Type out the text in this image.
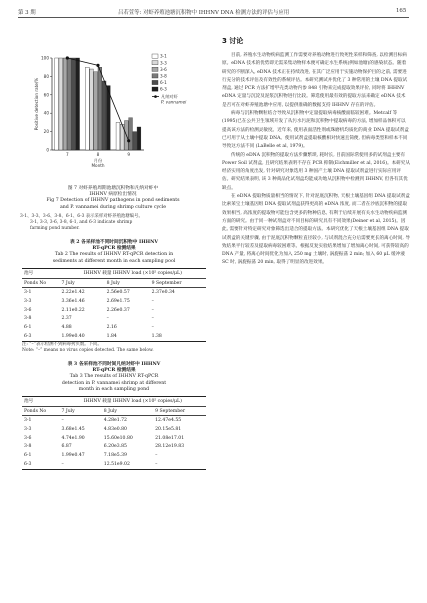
第 3 期	吕若萱等: 对虾养殖池塘沉积物中 IHHNV DNA 检测方法的评估与应用	165
0
20
40
60
80
100
Positive detection rate/%
7	8	9
月份
Month
3-1
3-3
3-6
3-8
6-1
6-3
凡纳对虾
P. vannamei
图 7 对虾养殖周期池塘沉积物和凡纳对虾中
IHHNV 病原检出情况
Fig 7 Detection of IHHNV pathogens in pond sediments
and P. vannamei during shrimp culture cycle
3-1、3-3、3-6、3-8、6-1、6-3 表示采样对虾养殖池塘编号。
3-1, 3-3, 3-6, 3-8, 6-1, and 6-3 indicate shrimp
farming pond number.
表 2 各采样池不同时间沉积物中 IHHNV
RT-qPCR 检测结果
Tab 2 The results of IHHNV RT-qPCR detection in
sediments at different month in each sampling pool
池号	IHHNV 载量 IHHNV load (×10⁵ copies/μL)		
Ponds No	7 July	8 July	9 September
3-1	2.22e1.42	2.56e0.57	2.37e0.34
3-3	3.36e1.46	2.69e1.75	–
3-6	2.11e0.22	2.26e0.37	–
3-8	2.37	–	–
6-1	4.88	2.16	–
6-3	1.99e0.40	1.84	1.38
注: “–”表示检测不到病毒拷贝数。下同。
Note: “–” means no virus copies detected. The same below.
表 3 各采样池不同时间凡纳对虾中 IHHNV
RT-qPCR 检测结果
Tab 3 The results of IHHNV RT-qPCR
detection in P. vannamei shrimp at different
month in each sampling pond
池号	IHHNV 载量 IHHNV load (×10⁵ copies/μL)		
Ponds No	7 July	8 July	9 September
3-1	–	4.28e1.72	12.47e4.55
3-3	3.68e1.45	4.83e0.80	20.15e5.81
3-6	4.74e1.90	15.60e10.80	21.08e17.01
3-8	6.87	6.20e3.85	28.12e19.83
6-1	1.99e0.47	7.18e5.39	–
6-3	–	12.51e9.02	–
3 讨论

目前, 养殖水生动物疾病监测工作需要对养殖动物进行致死性采样和筛查, 以检测目标病原。eDNA 技术的优势即无需采集动物样本便可确定水生系统(例如池塘)的感染状态。随着研究的不断深入, eDNA 技术正在持续改进, 在其广泛应用于实施动物保护目的之前, 需要进行充分的技术评估及有效性的系统评估。本研究测试并优化了 3 种常用的土壤 DNA 提取试剂盒, 通过 PCR 方法扩增甲壳类动物内参 848 引物来完成提取效果评价, 同时将 IHHNV eDNA 定量与沉淀及泥浆沉积物进行比较。筛选使用最有效的提取方法来确定 eDNA 技术是否可在对虾养殖池塘中应用, 以提供准确的数据支持 IHHNV 存在的评估。

病毒与沉积物颗粒结合导致从沉积物中定量提取病毒核酸面临较困难。Metcalf 等(1995)已在公共卫生领域开发了从污水污泥和沉积物中提取病毒的方法, 增加样品体积可以提高该方法的检测灵敏度。近年来, 使用表面活性剂或珠磨机均质化的商业 DNA 提取试剂盒已可用于从土壤中提取 DNA。使用试剂盒提取核酸相对快速且简便, 但病毒类型和样本不同导致这方法不同 (LaBelle et al, 1979)。

传统的 eDNA 沉积物的提取方法步骤繁琐, 耗时长, 目前国际常使用多的试剂盒主要有 Power Soil 试剂盒, 且研究结果表明不存在 PCR 抑制(Eichmiller et al, 2016)。本研究从经济实用的角度出发, 针对研究对象选用 3 种国产土壤 DNA 提取试剂盒进行实际应用评估。研究结果表明, 该 3 种商品化试剂盒均能成功地从沉积物中检测到 IHHNV, 但各有其优缺点。

在 eDNA 提取物质量相当的情况下, 针对泥底沉积物, 天根土壤基因组 DNA 提取试剂盒比索莱宝土壤基因组 DNA 提取试剂盒获得更高的 eDNA 浓度, 而二者在沙底沉积物的提取效果相当, 高浓度的提取物可能包含更多的物种信息, 有利于后续开展有关水生动物疾病监测方面的研究。由于同一种试剂盒对不同目标的研究具有不同效果(Deiner et al, 2015)。因此, 需要针对特定研究对象筛选出适合的提取方法。本研究优化了天根土壤基因组 DNA 提取试剂盒的关键步骤, 由于泥底沉积物颗粒直径较小, 与试剂混合充分后需要更长的离心时间, 导致结果平行较差及提取病毒较困难等。根据反复实验结果增加了增加离心时间, 可获得较高的 DNA 产量, 将离心时间优化为加入 250 mg 土壤时, 涡旋振荡 2 min; 加入 60 μL 缓冲液 SC 时, 涡旋振荡 20 min, 取得了明显的改进效果。
